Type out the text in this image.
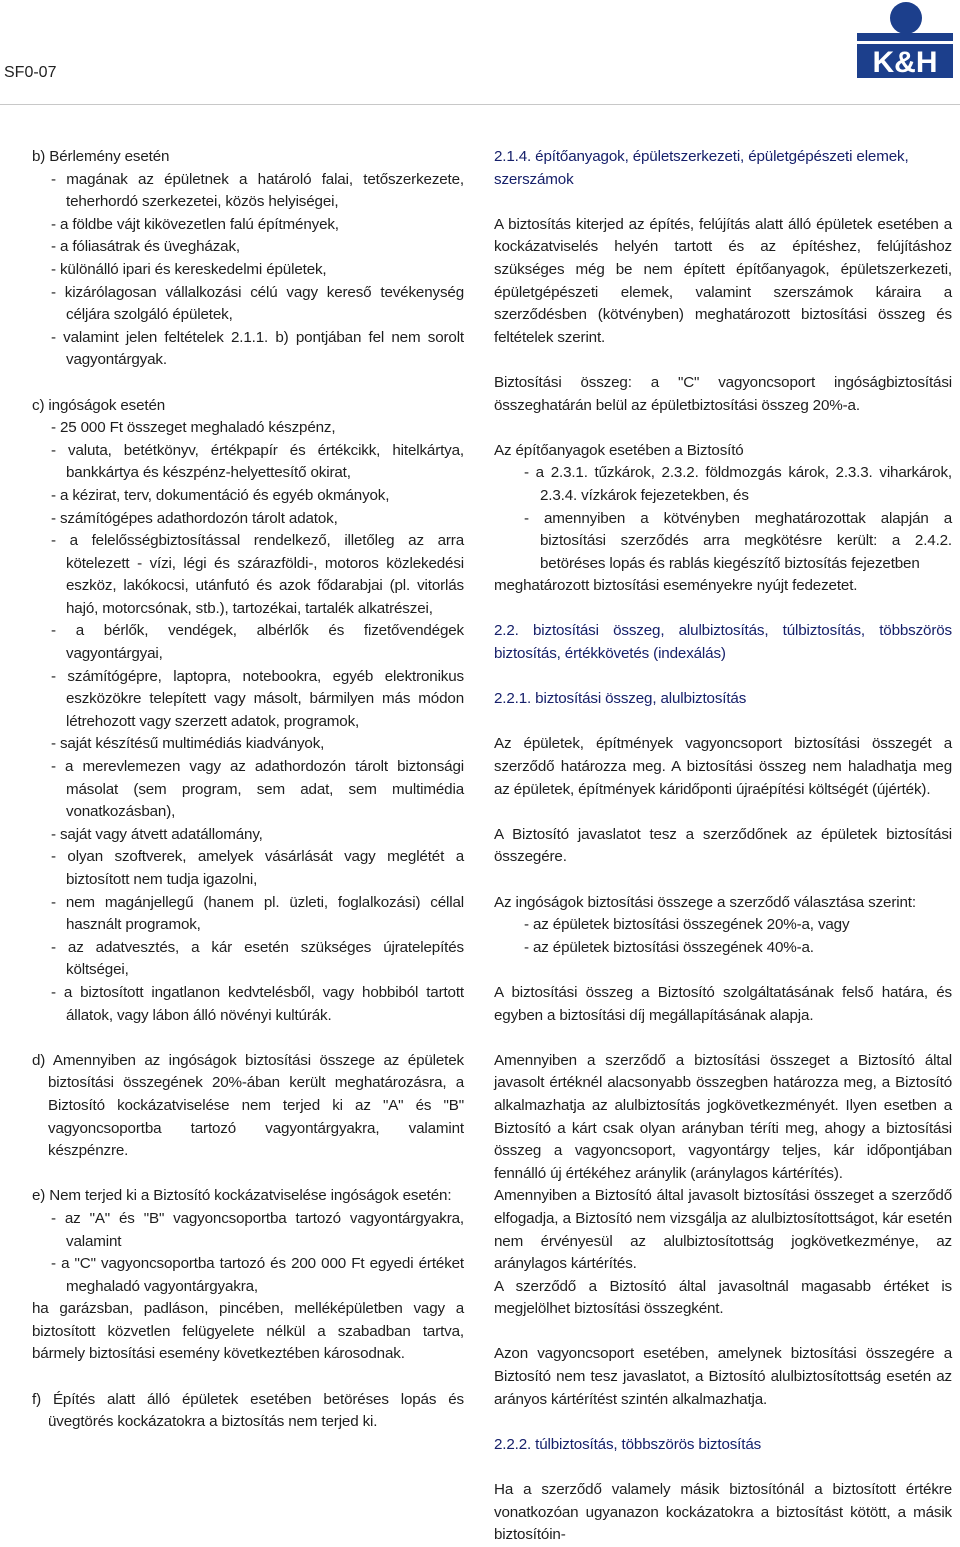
SF0-07	K&H

b) Bérlemény esetén

- magának az épületnek a határoló falai, tetőszerkezete, teherhordó szerkezetei, közös helyiségei,

- a földbe vájt kikövezetlen falú építmények,

- a fóliasátrak és üvegházak,

- különálló ipari és kereskedelmi épületek,

- kizárólagosan vállalkozási célú vagy kereső tevékenység céljára szolgáló épületek,

- valamint jelen feltételek 2.1.1. b) pontjában fel nem sorolt vagyontárgyak.

c) ingóságok esetén

- 25 000 Ft összeget meghaladó készpénz,

- valuta, betétkönyv, értékpapír és értékcikk, hitelkártya, bankkártya és készpénz-helyettesítő okirat,

- a kézirat, terv, dokumentáció és egyéb okmányok,

- számítógépes adathordozón tárolt adatok,

- a felelősségbiztosítással rendelkező, illetőleg az arra kötelezett - vízi, légi és szárazföldi-, motoros közlekedési eszköz, lakókocsi, utánfutó és azok fődarabjai (pl. vitorlás hajó, motorcsónak, stb.), tartozékai, tartalék alkatrészei,

- a bérlők, vendégek, albérlők és fizetővendégek vagyontárgyai,

- számítógépre, laptopra, notebookra, egyéb elektronikus eszközökre telepített vagy másolt, bármilyen más módon létrehozott vagy szerzett adatok, programok,

- saját készítésű multimédiás kiadványok,

- a merevlemezen vagy az adathordozón tárolt biztonsági másolat (sem program, sem adat, sem multimédia vonatkozásban),

- saját vagy átvett adatállomány,

- olyan szoftverek, amelyek vásárlását vagy meglétét a biztosított nem tudja igazolni,

- nem magánjellegű (hanem pl. üzleti, foglalkozási) céllal használt programok,

- az adatvesztés, a kár esetén szükséges újratelepítés költségei,

- a biztosított ingatlanon kedvtelésből, vagy hobbiból tartott állatok, vagy lábon álló növényi kultúrák.

d) Amennyiben az ingóságok biztosítási összege az épületek biztosítási összegének 20%-ában került meghatározásra, a Biztosító kockázatviselése nem terjed ki az "A" és "B" vagyoncsoportba tartozó vagyontárgyakra, valamint készpénzre.

e) Nem terjed ki a Biztosító kockázatviselése ingóságok esetén:

- az "A" és "B" vagyoncsoportba tartozó vagyontárgyakra, valamint

- a "C" vagyoncsoportba tartozó és 200 000 Ft egyedi értéket meghaladó vagyontárgyakra,

ha garázsban, padláson, pincében, melléképületben vagy a biztosított közvetlen felügyelete nélkül a szabadban tartva, bármely biztosítási esemény következtében károsodnak.

f) Építés alatt álló épületek esetében betöréses lopás és üvegtörés kockázatokra a biztosítás nem terjed ki.

2.1.4. építőanyagok, épületszerkezeti, épületgépészeti elemek, szerszámok

A biztosítás kiterjed az építés, felújítás alatt álló épületek esetében a kockázatviselés helyén tartott és az építéshez, felújításhoz szükséges még be nem épített építőanyagok, épületszerkezeti, épületgépészeti elemek, valamint szerszámok káraira a szerződésben (kötvényben) meghatározott biztosítási összeg és feltételek szerint.

Biztosítási összeg: a "C" vagyoncsoport ingóságbiztosítási összeghatárán belül az épületbiztosítási összeg 20%-a.

Az építőanyagok esetében a Biztosító

- a 2.3.1. tűzkárok, 2.3.2. földmozgás károk, 2.3.3. viharkárok, 2.3.4. vízkárok fejezetekben, és

- amennyiben a kötvényben meghatározottak alapján a biztosítási szerződés arra megkötésre került: a 2.4.2. betöréses lopás és rablás kiegészítő biztosítás fejezetben

meghatározott biztosítási eseményekre nyújt fedezetet.

2.2. biztosítási összeg, alulbiztosítás, túlbiztosítás, többszörös biztosítás, értékkövetés (indexálás)

2.2.1. biztosítási összeg, alulbiztosítás

Az épületek, építmények vagyoncsoport biztosítási összegét a szerződő határozza meg. A biztosítási összeg nem haladhatja meg az épületek, építmények káridőponti újraépítési költségét (újérték).

A Biztosító javaslatot tesz a szerződőnek az épületek biztosítási összegére.

Az ingóságok biztosítási összege a szerződő választása szerint:

- az épületek biztosítási összegének 20%-a, vagy

- az épületek biztosítási összegének 40%-a.

A biztosítási összeg a Biztosító szolgáltatásának felső határa, és egyben a biztosítási díj megállapításának alapja.

Amennyiben a szerződő a biztosítási összeget a Biztosító által javasolt értéknél alacsonyabb összegben határozza meg, a Biztosító alkalmazhatja az alulbiztosítás jogkövetkezményét. Ilyen esetben a Biztosító a kárt csak olyan arányban téríti meg, ahogy a biztosítási összeg a vagyoncsoport, vagyontárgy teljes, kár időpontjában fennálló új értékéhez aránylik (aránylagos kártérítés).

Amennyiben a Biztosító által javasolt biztosítási összeget a szerződő elfogadja, a Biztosító nem vizsgálja az alulbiztosítottságot, kár esetén nem érvényesül az alulbiztosítottság jogkövetkezménye, az aránylagos kártérítés.

A szerződő a Biztosító által javasoltnál magasabb értéket is megjelölhet biztosítási összegként.

Azon vagyoncsoport esetében, amelynek biztosítási összegére a Biztosító nem tesz javaslatot, a Biztosító alulbiztosítottság esetén az arányos kártérítést szintén alkalmazhatja.

2.2.2. túlbiztosítás, többszörös biztosítás

Ha a szerződő valamely másik biztosítónál a biztosított értékre vonatkozóan ugyanazon kockázatokra a biztosítást kötött, a másik biztosítóin-
